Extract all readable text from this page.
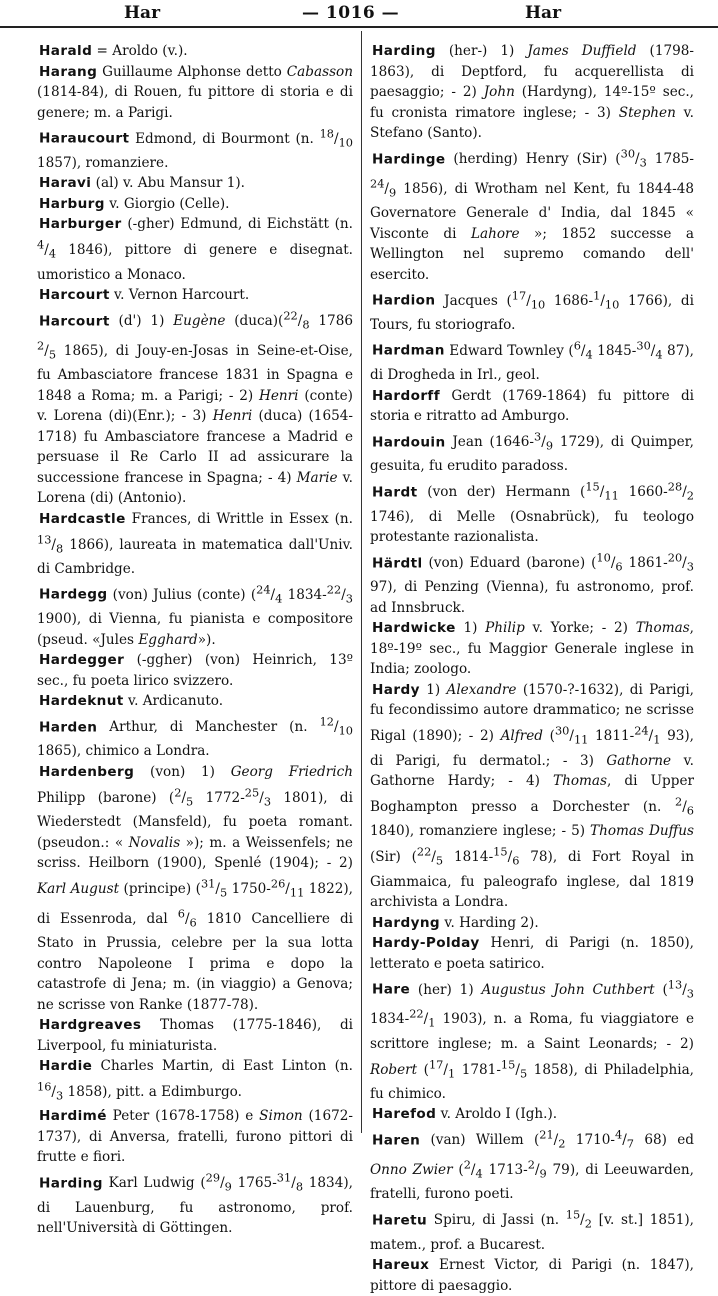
Har	— 1016 —	Har

Harald = Aroldo (v.).

Harang Guillaume Alphonse detto Cabasson (1814-84), di Rouen, fu pittore di storia e di genere; m. a Parigi.

Haraucourt Edmond, di Bourmont (n. $^{18}/_{10}$ 1857), romanziere.

Haravi (al) v. Abu Mansur 1).

Harburg v. Giorgio (Celle).

Harburger (-gher) Edmund, di Eichstätt (n. $^4/_4$ 1846), pittore di genere e disegnat. umoristico a Monaco.

Harcourt v. Vernon Harcourt.

Harcourt (d') 1) Eugène $(duca)(^{22}/_8$ 1786 $^2/_5$ 1865), di Jouy-en-Josas in Seine-et-Oise, fu Ambasciatore francese 1831 in Spagna e 1848 a Roma; m. a Parigi; - 2) Henri (conte) v. Lorena (di)(Enr.); - 3) Henri (duca) (1654-1718) fu Ambasciatore francese a Madrid e persuase il Re Carlo II ad assicurare la successione francese in Spagna; - 4) Marie v. Lorena (di) (Antonio).

Hardcastle Frances, di Writtle in Essex (n. $^{13}/_8$ 1866), laureata in matematica dall'Univ. di Cambridge.

Hardegg (von) Julius (conte) ($^{24}/_4$ $1834-^{22}/_3$ 1900), di Vienna, fu pianista e compositore (pseud. «Jules Egghard»).

Hardegger (-ggher) (von) Heinrich, 13º sec., fu poeta lirico svizzero.

Hardeknut v. Ardicanuto.

Harden Arthur, di Manchester (n. $^{12}/_{10}$ 1865), chimico a Londra.

Hardenberg (von) 1) Georg Friedrich Philipp (barone) ($^2/_5$ $1772-^{25}/_3$ 1801), di Wiederstedt (Mansfeld), fu poeta romant. (pseudon.: « Novalis »); m. a Weissenfels; ne scriss. Heilborn (1900), Spenlé (1904); - 2) Karl August (principe) ($^{31}/_5$ $1750-^{26}/_{11}$ 1822), di Essenroda, dal $^6/_6$ 1810 Cancelliere di Stato in Prussia, celebre per la sua lotta contro Napoleone I prima e dopo la catastrofe di Jena; m. (in viaggio) a Genova; ne scrisse von Ranke (1877-78).

Hardgreaves Thomas (1775-1846), di Liverpool, fu miniaturista.

Hardie Charles Martin, di East Linton (n. $^{16}/_3$ 1858), pitt. a Edimburgo.

Hardimé Peter (1678-1758) e Simon (1672-1737), di Anversa, fratelli, furono pittori di frutte e fiori.

Harding Karl Ludwig ($^{29}/_9$ $1765-^{31}/_8$ 1834), di Lauenburg, fu astronomo, prof. nell'Università di Göttingen.

Harding (her-) 1) James Duffield (1798-1863), di Deptford, fu acquerellista di paesaggio; - 2) John (Hardyng), 14º-15º sec., fu cronista rimatore inglese; - 3) Stephen v. Stefano (Santo).

Hardinge (herding) Henry (Sir) ($^{30}/_3$ $1785-^{24}/_9$ 1856), di Wrotham nel Kent, fu 1844-48 Governatore Generale d' India, dal 1845 « Visconte di Lahore »; 1852 successe a Wellington nel supremo comando dell' esercito.

Hardion Jacques ($^{17}/_{10}$ $1686-^1/_{10}$ 1766), di Tours, fu storiografo.

Hardman Edward Townley ($^6/_4$ $1845-^{30}/_4$ 87), di Drogheda in Irl., geol.

Hardorff Gerdt (1769-1864) fu pittore di storia e ritratto ad Amburgo.

Hardouin Jean ($1646-^3/_9$ 1729), di Quimper, gesuita, fu erudito paradoss.

Hardt (von der) Hermann ($^{15}/_{11}$ $1660-^{28}/_2$ 1746), di Melle (Osnabrück), fu teologo protestante razionalista.

Härdtl (von) Eduard (barone) ($^{10}/_6$ $1861-^{20}/_3$ 97), di Penzing (Vienna), fu astronomo, prof. ad Innsbruck.

Hardwicke 1) Philip v. Yorke; - 2) Thomas, 18º-19º sec., fu Maggior Generale inglese in India; zoologo.

Hardy 1) Alexandre (1570-?-1632), di Parigi, fu fecondissimo autore drammatico; ne scrisse Rigal (1890); - 2) Alfred ($^{30}/_{11}$ $1811-^{24}/_1$ 93), di Parigi, fu dermatol.; - 3) Gathorne v. Gathorne Hardy; - 4) Thomas, di Upper Boghampton presso a Dorchester (n. $^2/_6$ 1840), romanziere inglese; - 5) Thomas Duffus (Sir) ($^{22}/_5$ $1814-^{15}/_6$ 78), di Fort Royal in Giammaica, fu paleografo inglese, dal 1819 archivista a Londra.

Hardyng v. Harding 2).

Hardy-Polday Henri, di Parigi (n. 1850), letterato e poeta satirico.

Hare (her) 1) Augustus John Cuthbert ($^{13}/_3$ $1834-^{22}/_1$ 1903), n. a Roma, fu viaggiatore e scrittore inglese; m. a Saint Leonards; - 2) Robert ($^{17}/_1$ $1781-^{15}/_5$ 1858), di Philadelphia, fu chimico.

Harefod v. Aroldo I (Igh.).

Haren (van) Willem ($^{21}/_2$ $1710-^4/_7$ 68) ed Onno Zwier ($^2/_4$ $1713-^2/_9$ 79), di Leeuwarden, fratelli, furono poeti.

Haretu Spiru, di Jassi (n. $^{15}/_2$ [v. st.] 1851), matem., prof. a Bucarest.

Hareux Ernest Victor, di Parigi (n. 1847), pittore di paesaggio.
